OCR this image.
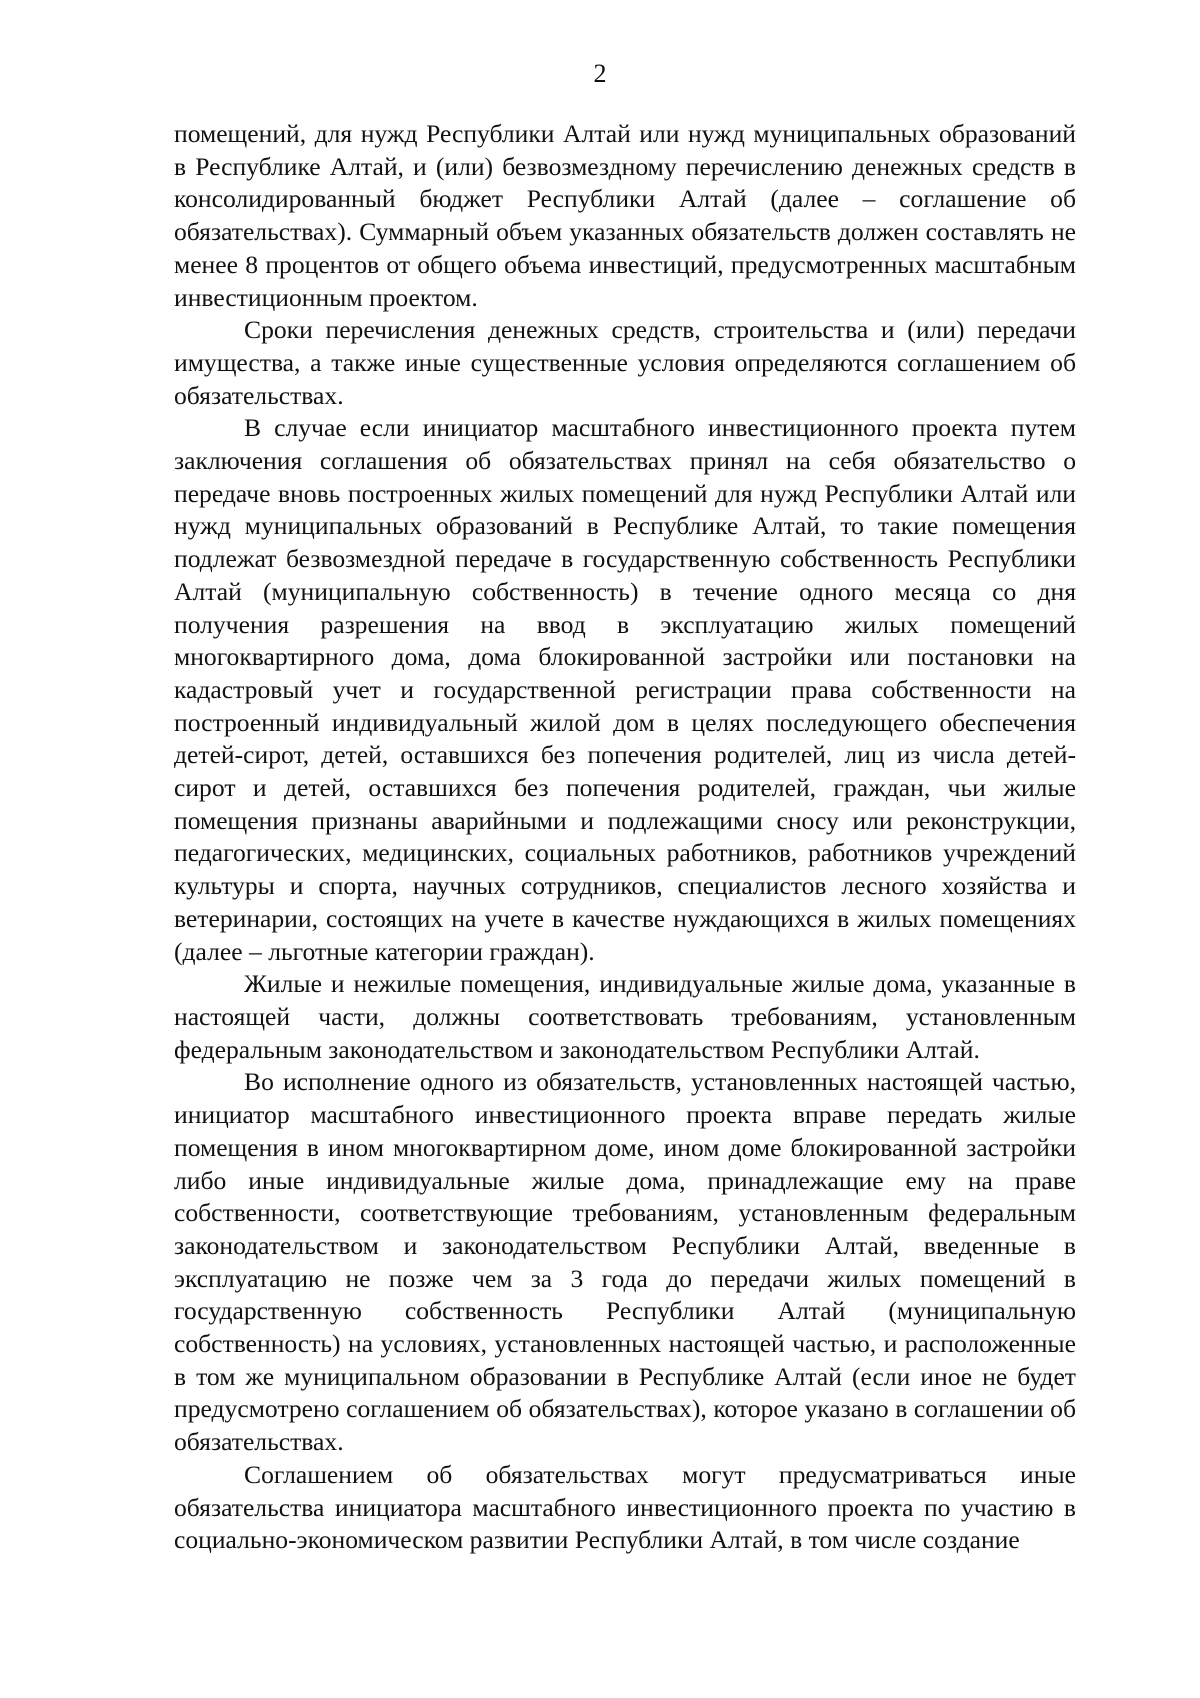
2

помещений, для нужд Республики Алтай или нужд муниципальных образований в Республике Алтай, и (или) безвозмездному перечислению денежных средств в консолидированный бюджет Республики Алтай (далее – соглашение об обязательствах). Суммарный объем указанных обязательств должен составлять не менее 8 процентов от общего объема инвестиций, предусмотренных масштабным инвестиционным проектом.

Сроки перечисления денежных средств, строительства и (или) передачи имущества, а также иные существенные условия определяются соглашением об обязательствах.

В случае если инициатор масштабного инвестиционного проекта путем заключения соглашения об обязательствах принял на себя обязательство о передаче вновь построенных жилых помещений для нужд Республики Алтай или нужд муниципальных образований в Республике Алтай, то такие помещения подлежат безвозмездной передаче в государственную собственность Республики Алтай (муниципальную собственность) в течение одного месяца со дня получения разрешения на ввод в эксплуатацию жилых помещений многоквартирного дома, дома блокированной застройки или постановки на кадастровый учет и государственной регистрации права собственности на построенный индивидуальный жилой дом в целях последующего обеспечения детей-сирот, детей, оставшихся без попечения родителей, лиц из числа детей-сирот и детей, оставшихся без попечения родителей, граждан, чьи жилые помещения признаны аварийными и подлежащими сносу или реконструкции, педагогических, медицинских, социальных работников, работников учреждений культуры и спорта, научных сотрудников, специалистов лесного хозяйства и ветеринарии, состоящих на учете в качестве нуждающихся в жилых помещениях (далее – льготные категории граждан).

Жилые и нежилые помещения, индивидуальные жилые дома, указанные в настоящей части, должны соответствовать требованиям, установленным федеральным законодательством и законодательством Республики Алтай.

Во исполнение одного из обязательств, установленных настоящей частью, инициатор масштабного инвестиционного проекта вправе передать жилые помещения в ином многоквартирном доме, ином доме блокированной застройки либо иные индивидуальные жилые дома, принадлежащие ему на праве собственности, соответствующие требованиям, установленным федеральным законодательством и законодательством Республики Алтай, введенные в эксплуатацию не позже чем за 3 года до передачи жилых помещений в государственную собственность Республики Алтай (муниципальную собственность) на условиях, установленных настоящей частью, и расположенные в том же муниципальном образовании в Республике Алтай (если иное не будет предусмотрено соглашением об обязательствах), которое указано в соглашении об обязательствах.

Соглашением об обязательствах могут предусматриваться иные обязательства инициатора масштабного инвестиционного проекта по участию в социально-экономическом развитии Республики Алтай, в том числе создание
